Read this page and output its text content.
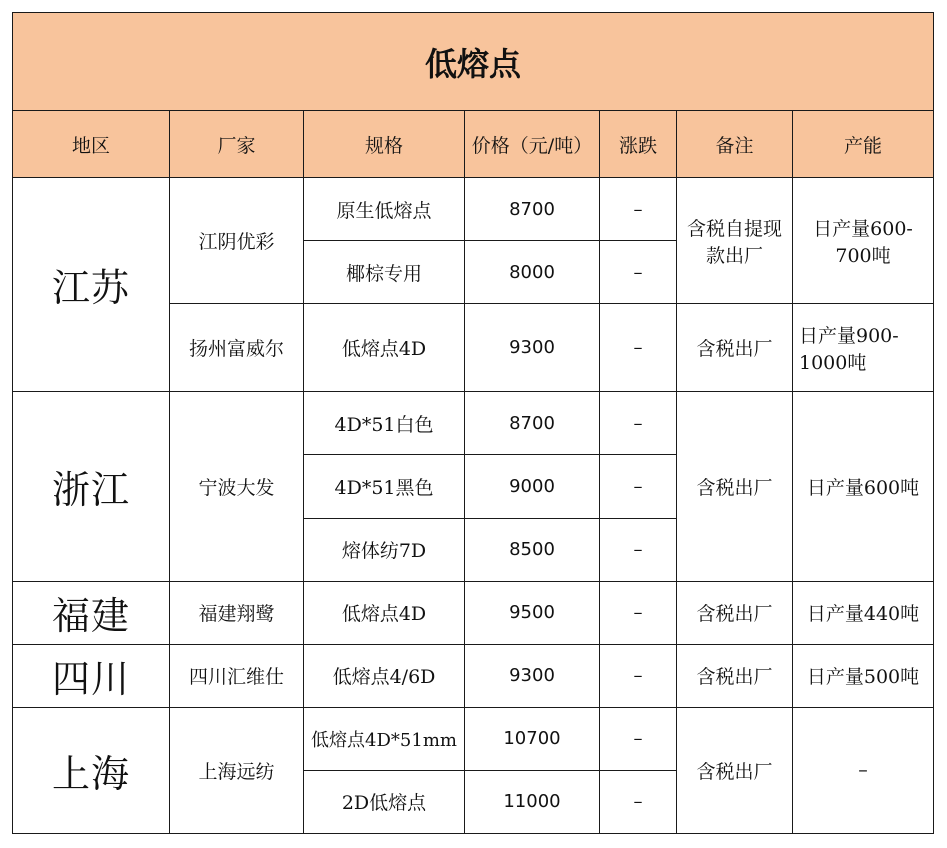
低熔点						
地区	厂家	规格	价格（元/吨）	涨跌	备注	产能
江苏	江阴优彩	原生低熔点	8700	–	含税自提现款出厂	日产量600-700吨
		椰棕专用	8000	–		
	扬州富威尔	低熔点4D	9300	–	含税出厂	日产量900-1000吨
浙江	宁波大发	4D*51白色	8700	–	含税出厂	日产量600吨
		4D*51黑色	9000	–		
		熔体纺7D	8500	–		
福建	福建翔鹭	低熔点4D	9500	–	含税出厂	日产量440吨
四川	四川汇维仕	低熔点4/6D	9300	–	含税出厂	日产量500吨
上海	上海远纺	低熔点4D*51mm	10700	–	含税出厂	–
		2D低熔点	11000	–		
